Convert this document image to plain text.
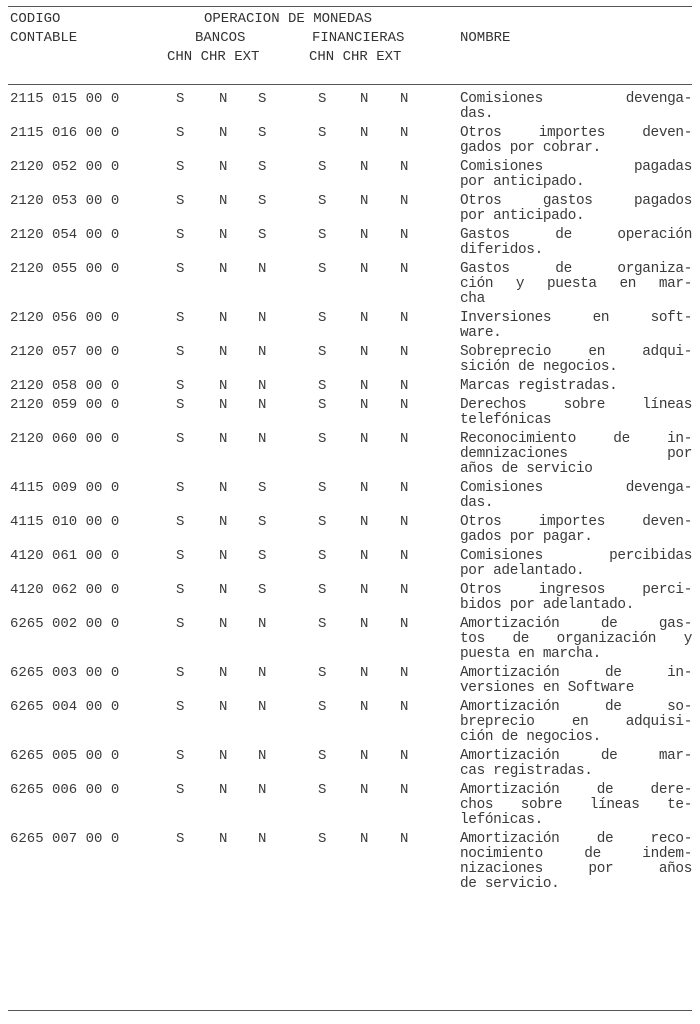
CODIGO
CONTABLE
OPERACION DE MONEDAS
BANCOS	FINANCIERAS	NOMBRE
CHN CHR EXT	CHN CHR EXT
2115 015 00 0	S N S	S N N	Comisiones devenga-
das.
2115 016 00 0	S N S	S N N	Otros importes deven-
gados por cobrar.
2120 052 00 0	S N S	S N N	Comisiones pagadas
por anticipado.
2120 053 00 0	S N S	S N N	Otros gastos pagados
por anticipado.
2120 054 00 0	S N S	S N N	Gastos de operación
diferidos.
2120 055 00 0	S N N	S N N	Gastos de organiza-
ción y puesta en mar-
cha
2120 056 00 0	S N N	S N N	Inversiones en soft-
ware.
2120 057 00 0	S N N	S N N	Sobreprecio en adqui-
sición de negocios.
2120 058 00 0	S N N	S N N	Marcas registradas.
2120 059 00 0	S N N	S N N	Derechos sobre líneas
telefónicas
2120 060 00 0	S N N	S N N	Reconocimiento de in-
demnizaciones por
años de servicio
4115 009 00 0	S N S	S N N	Comisiones devenga-
das.
4115 010 00 0	S N S	S N N	Otros importes deven-
gados por pagar.
4120 061 00 0	S N S	S N N	Comisiones percibidas
por adelantado.
4120 062 00 0	S N S	S N N	Otros ingresos perci-
bidos por adelantado.
6265 002 00 0	S N N	S N N	Amortización de gas-
tos de organización y
puesta en marcha.
6265 003 00 0	S N N	S N N	Amortización de in-
versiones en Software
6265 004 00 0	S N N	S N N	Amortización de so-
breprecio en adquisi-
ción de negocios.
6265 005 00 0	S N N	S N N	Amortización de mar-
cas registradas.
6265 006 00 0	S N N	S N N	Amortización de dere-
chos sobre líneas te-
lefónicas.
6265 007 00 0	S N N	S N N	Amortización de reco-
nocimiento de indem-
nizaciones por años
de servicio.
